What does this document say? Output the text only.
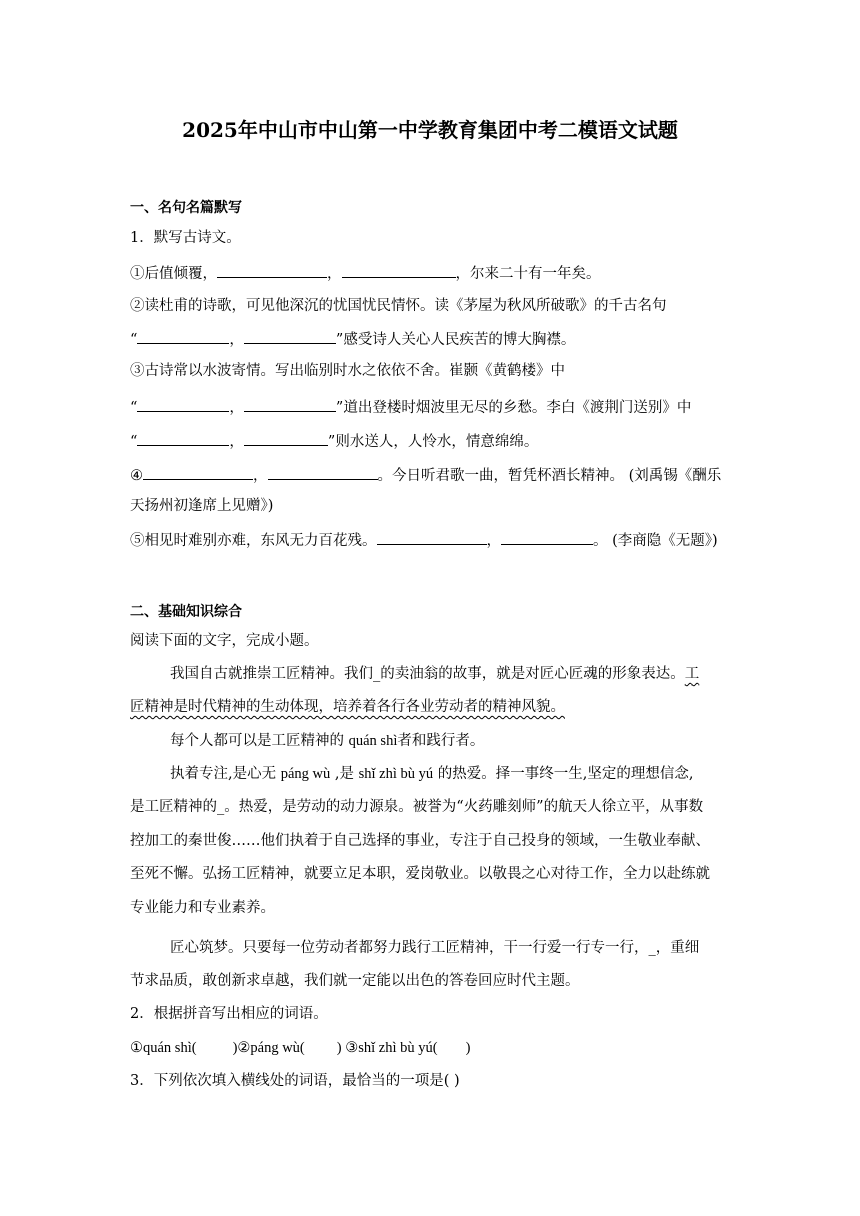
2025年中山市中山第一中学教育集团中考二模语文试题
一、名句名篇默写
1．默写古诗文。
①后值倾覆，	，	，尔来二十有一年矣。
②读杜甫的诗歌，可见他深沉的忧国忧民情怀。读《茅屋为秋风所破歌》的千古名句
“	，	”感受诗人关心人民疾苦的博大胸襟。
③古诗常以水波寄情。写出临别时水之依依不舍。崔颢《黄鹤楼》中
“	，	”道出登楼时烟波里无尽的乡愁。李白《渡荆门送别》中
“	，	”则水送人，人怜水，情意绵绵。
④	，	。今日听君歌一曲，暂凭杯酒长精神。 (刘禹锡《酬乐
天扬州初逢席上见赠》)
⑤相见时难别亦难，东风无力百花残。	，	。 (李商隐《无题》)
二、基础知识综合
阅读下面的文字，完成小题。
我国自古就推崇工匠精神。我们_的卖油翁的故事，就是对匠心匠魂的形象表达。工
匠精神是时代精神的生动体现，培养着各行各业劳动者的精神风貌。
每个人都可以是工匠精神的 quán shì者和践行者。
执着专注,是心无 páng wù ,是 shǐ zhì bù yú 的热爱。择一事终一生,坚定的理想信念,
是工匠精神的_。热爱，是劳动的动力源泉。被誉为“火药雕刻师”的航天人徐立平，从事数
控加工的秦世俊……他们执着于自己选择的事业，专注于自己投身的领域，一生敬业奉献、
至死不懈。弘扬工匠精神，就要立足本职，爱岗敬业。以敬畏之心对待工作，全力以赴练就
专业能力和专业素养。
匠心筑梦。只要每一位劳动者都努力践行工匠精神，干一行爱一行专一行，_，重细
节求品质，敢创新求卓越，我们就一定能以出色的答卷回应时代主题。
2．根据拼音写出相应的词语。
①quán shì( )②páng wù( ) ③shǐ zhì bù yú( )
3．下列依次填入横线处的词语，最恰当的一项是( )
